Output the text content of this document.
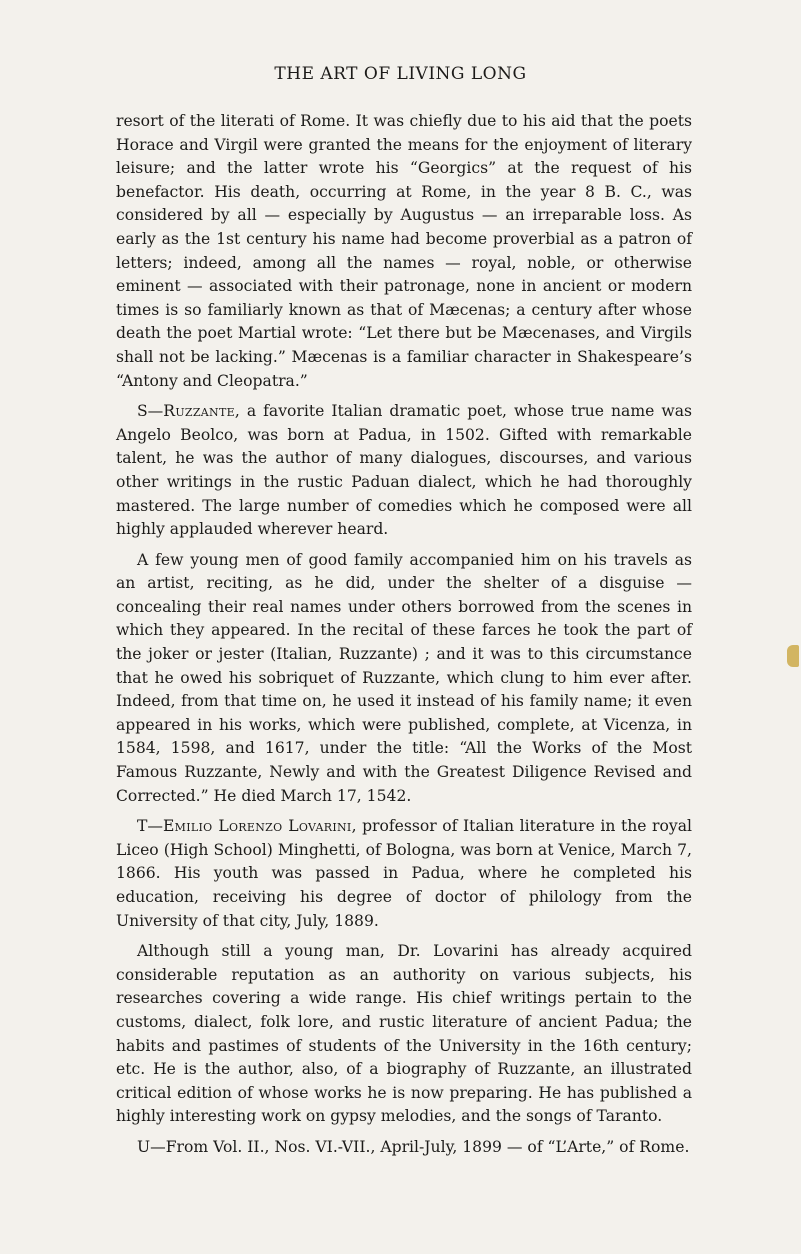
THE ART OF LIVING LONG

resort of the literati of Rome. It was chiefly due to his aid that the poets Horace and Virgil were granted the means for the enjoyment of literary leisure; and the latter wrote his “Georgics” at the request of his benefactor. His death, occurring at Rome, in the year 8 B. C., was considered by all — especially by Augustus — an irreparable loss. As early as the 1st century his name had become proverbial as a patron of letters; indeed, among all the names — royal, noble, or otherwise eminent — associated with their patronage, none in ancient or modern times is so familiarly known as that of Mæcenas; a century after whose death the poet Martial wrote: “Let there but be Mæcenases, and Virgils shall not be lacking.” Mæcenas is a familiar character in Shakespeare’s “Antony and Cleopatra.”

S—Ruzzante, a favorite Italian dramatic poet, whose true name was Angelo Beolco, was born at Padua, in 1502. Gifted with remarkable talent, he was the author of many dialogues, discourses, and various other writings in the rustic Paduan dialect, which he had thoroughly mastered. The large number of comedies which he composed were all highly applauded wherever heard.

A few young men of good family accompanied him on his travels as an artist, reciting, as he did, under the shelter of a disguise — concealing their real names under others borrowed from the scenes in which they appeared. In the recital of these farces he took the part of the joker or jester (Italian, Ruzzante) ; and it was to this circumstance that he owed his sobriquet of Ruzzante, which clung to him ever after. Indeed, from that time on, he used it instead of his family name; it even appeared in his works, which were published, complete, at Vicenza, in 1584, 1598, and 1617, under the title: “All the Works of the Most Famous Ruzzante, Newly and with the Greatest Diligence Revised and Corrected.” He died March 17, 1542.

T—Emilio Lorenzo Lovarini, professor of Italian literature in the royal Liceo (High School) Minghetti, of Bologna, was born at Venice, March 7, 1866. His youth was passed in Padua, where he completed his education, receiving his degree of doctor of philology from the University of that city, July, 1889.

Although still a young man, Dr. Lovarini has already acquired considerable reputation as an authority on various subjects, his researches covering a wide range. His chief writings pertain to the customs, dialect, folk lore, and rustic literature of ancient Padua; the habits and pastimes of students of the University in the 16th century; etc. He is the author, also, of a biography of Ruzzante, an illustrated critical edition of whose works he is now preparing. He has published a highly interesting work on gypsy melodies, and the songs of Taranto.

U—From Vol. II., Nos. VI.-VII., April-July, 1899 — of “L’Arte,” of Rome.
